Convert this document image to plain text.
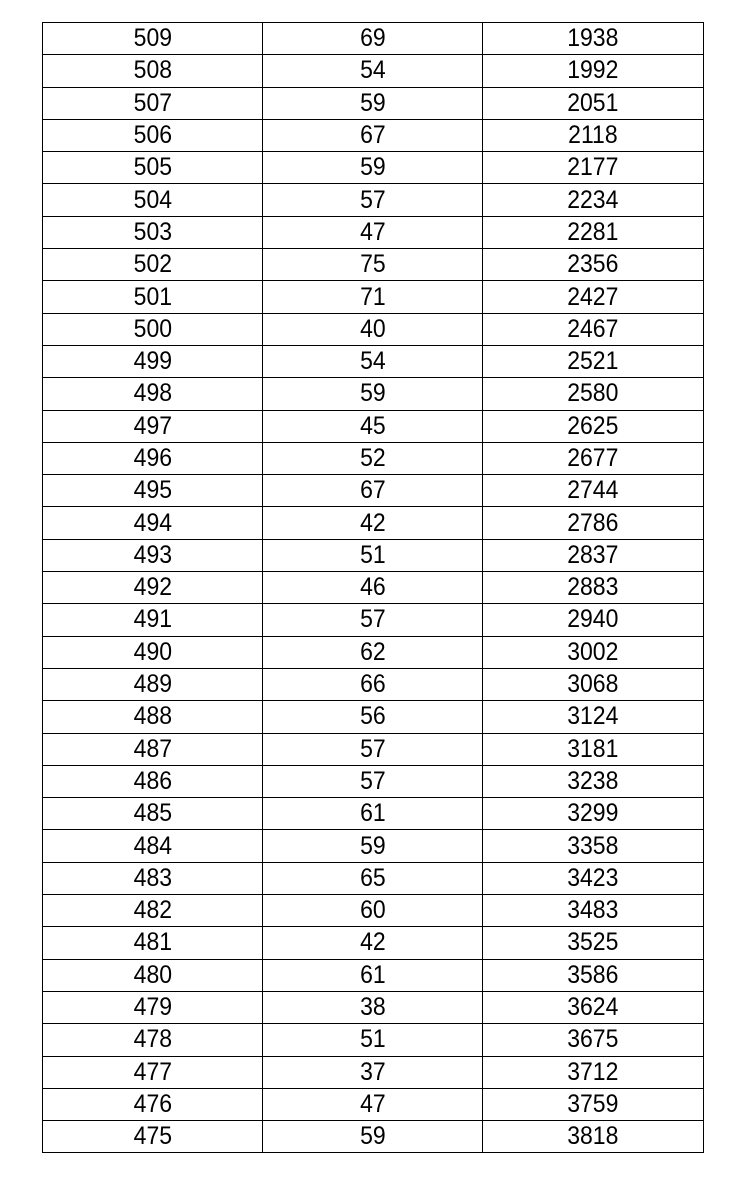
509	69	1938
508	54	1992
507	59	2051
506	67	2118
505	59	2177
504	57	2234
503	47	2281
502	75	2356
501	71	2427
500	40	2467
499	54	2521
498	59	2580
497	45	2625
496	52	2677
495	67	2744
494	42	2786
493	51	2837
492	46	2883
491	57	2940
490	62	3002
489	66	3068
488	56	3124
487	57	3181
486	57	3238
485	61	3299
484	59	3358
483	65	3423
482	60	3483
481	42	3525
480	61	3586
479	38	3624
478	51	3675
477	37	3712
476	47	3759
475	59	3818
